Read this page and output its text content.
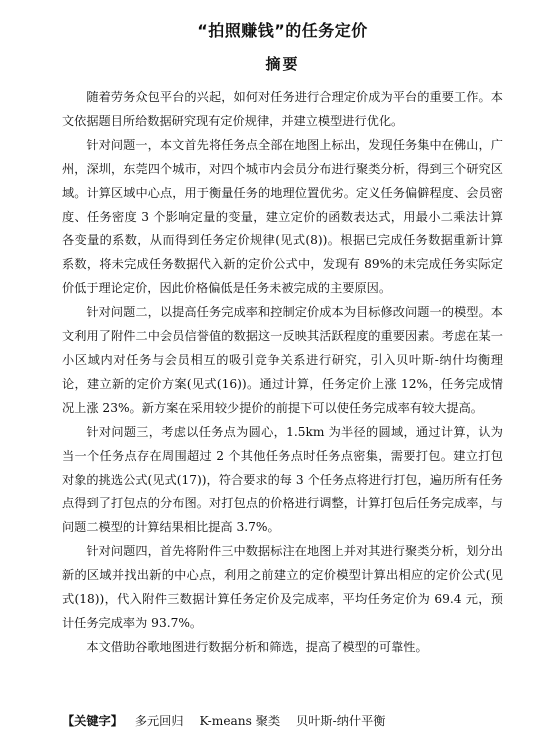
“拍照赚钱”的任务定价
摘要

随着劳务众包平台的兴起，如何对任务进行合理定价成为平台的重要工作。本文依据题目所给数据研究现有定价规律，并建立模型进行优化。

针对问题一，本文首先将任务点全部在地图上标出，发现任务集中在佛山，广州，深圳，东莞四个城市，对四个城市内会员分布进行聚类分析，得到三个研究区域。计算区域中心点，用于衡量任务的地理位置优劣。定义任务偏僻程度、会员密度、任务密度 3 个影响定量的变量，建立定价的函数表达式，用最小二乘法计算各变量的系数，从而得到任务定价规律(见式(8))。根据已完成任务数据重新计算系数，将未完成任务数据代入新的定价公式中，发现有 89%的未完成任务实际定价低于理论定价，因此价格偏低是任务未被完成的主要原因。

针对问题二，以提高任务完成率和控制定价成本为目标修改问题一的模型。本文利用了附件二中会员信誉值的数据这一反映其活跃程度的重要因素。考虑在某一小区域内对任务与会员相互的吸引竞争关系进行研究，引入贝叶斯-纳什均衡理论，建立新的定价方案(见式(16))。通过计算，任务定价上涨 12%，任务完成情况上涨 23%。新方案在采用较少提价的前提下可以使任务完成率有较大提高。

针对问题三，考虑以任务点为圆心，1.5km 为半径的圆域，通过计算，认为当一个任务点存在周围超过 2 个其他任务点时任务点密集，需要打包。建立打包对象的挑选公式(见式(17))，符合要求的每 3 个任务点将进行打包，遍历所有任务点得到了打包点的分布图。对打包点的价格进行调整，计算打包后任务完成率，与问题二模型的计算结果相比提高 3.7%。

针对问题四，首先将附件三中数据标注在地图上并对其进行聚类分析，划分出新的区域并找出新的中心点，利用之前建立的定价模型计算出相应的定价公式(见式(18))，代入附件三数据计算任务定价及完成率，平均任务定价为 69.4 元，预计任务完成率为 93.7%。

本文借助谷歌地图进行数据分析和筛选，提高了模型的可靠性。

【关键字】 多元回归 K-means 聚类 贝叶斯-纳什平衡
